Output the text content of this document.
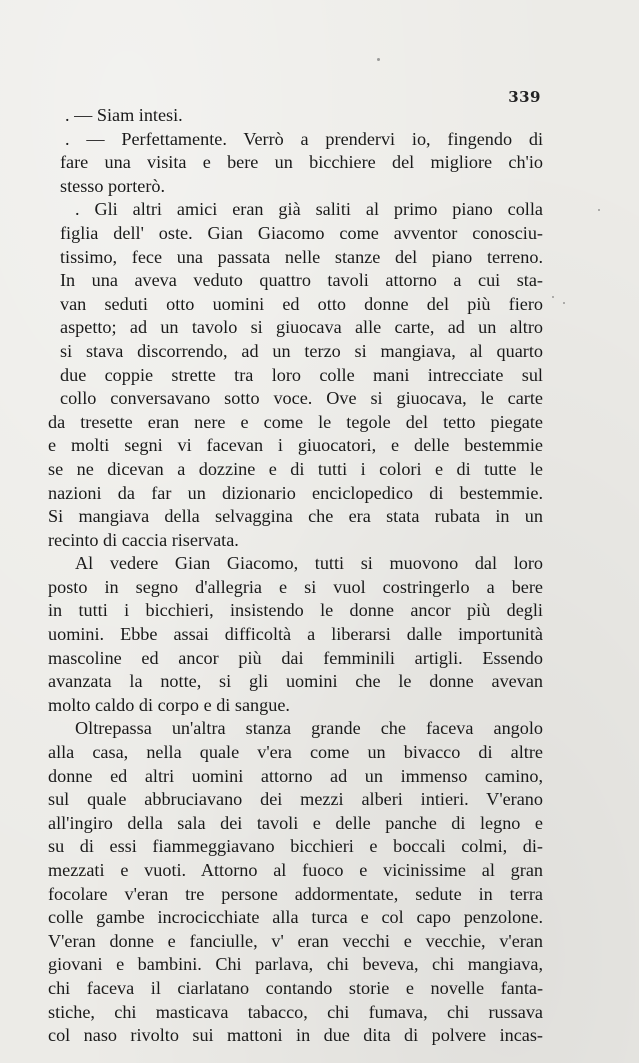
339
. — Siam intesi.
. — Perfettamente. Verrò a prendervi io, fingendo di
fare una visita e bere un bicchiere del migliore ch'io
stesso porterò.
. Gli altri amici eran già saliti al primo piano colla
figlia dell' oste. Gian Giacomo come avventor conosciu-
tissimo, fece una passata nelle stanze del piano terreno.
In una aveva veduto quattro tavoli attorno a cui sta-
van seduti otto uomini ed otto donne del più fiero
aspetto; ad un tavolo si giuocava alle carte, ad un altro
si stava discorrendo, ad un terzo si mangiava, al quarto
due coppie strette tra loro colle mani intrecciate sul
collo conversavano sotto voce. Ove si giuocava, le carte
da tresette eran nere e come le tegole del tetto piegate
e molti segni vi facevan i giuocatori, e delle bestemmie
se ne dicevan a dozzine e di tutti i colori e di tutte le
nazioni da far un dizionario enciclopedico di bestemmie.
Si mangiava della selvaggina che era stata rubata in un
recinto di caccia riservata.
Al vedere Gian Giacomo, tutti si muovono dal loro
posto in segno d'allegria e si vuol costringerlo a bere
in tutti i bicchieri, insistendo le donne ancor più degli
uomini. Ebbe assai difficoltà a liberarsi dalle importunità
mascoline ed ancor più dai femminili artigli. Essendo
avanzata la notte, si gli uomini che le donne avevan
molto caldo di corpo e di sangue.
Oltrepassa un'altra stanza grande che faceva angolo
alla casa, nella quale v'era come un bivacco di altre
donne ed altri uomini attorno ad un immenso camino,
sul quale abbruciavano dei mezzi alberi intieri. V'erano
all'ingiro della sala dei tavoli e delle panche di legno e
su di essi fiammeggiavano bicchieri e boccali colmi, di-
mezzati e vuoti. Attorno al fuoco e vicinissime al gran
focolare v'eran tre persone addormentate, sedute in terra
colle gambe incrocicchiate alla turca e col capo penzolone.
V'eran donne e fanciulle, v' eran vecchi e vecchie, v'eran
giovani e bambini. Chi parlava, chi beveva, chi mangiava,
chi faceva il ciarlatano contando storie e novelle fanta-
stiche, chi masticava tabacco, chi fumava, chi russava
col naso rivolto sui mattoni in due dita di polvere incas-
